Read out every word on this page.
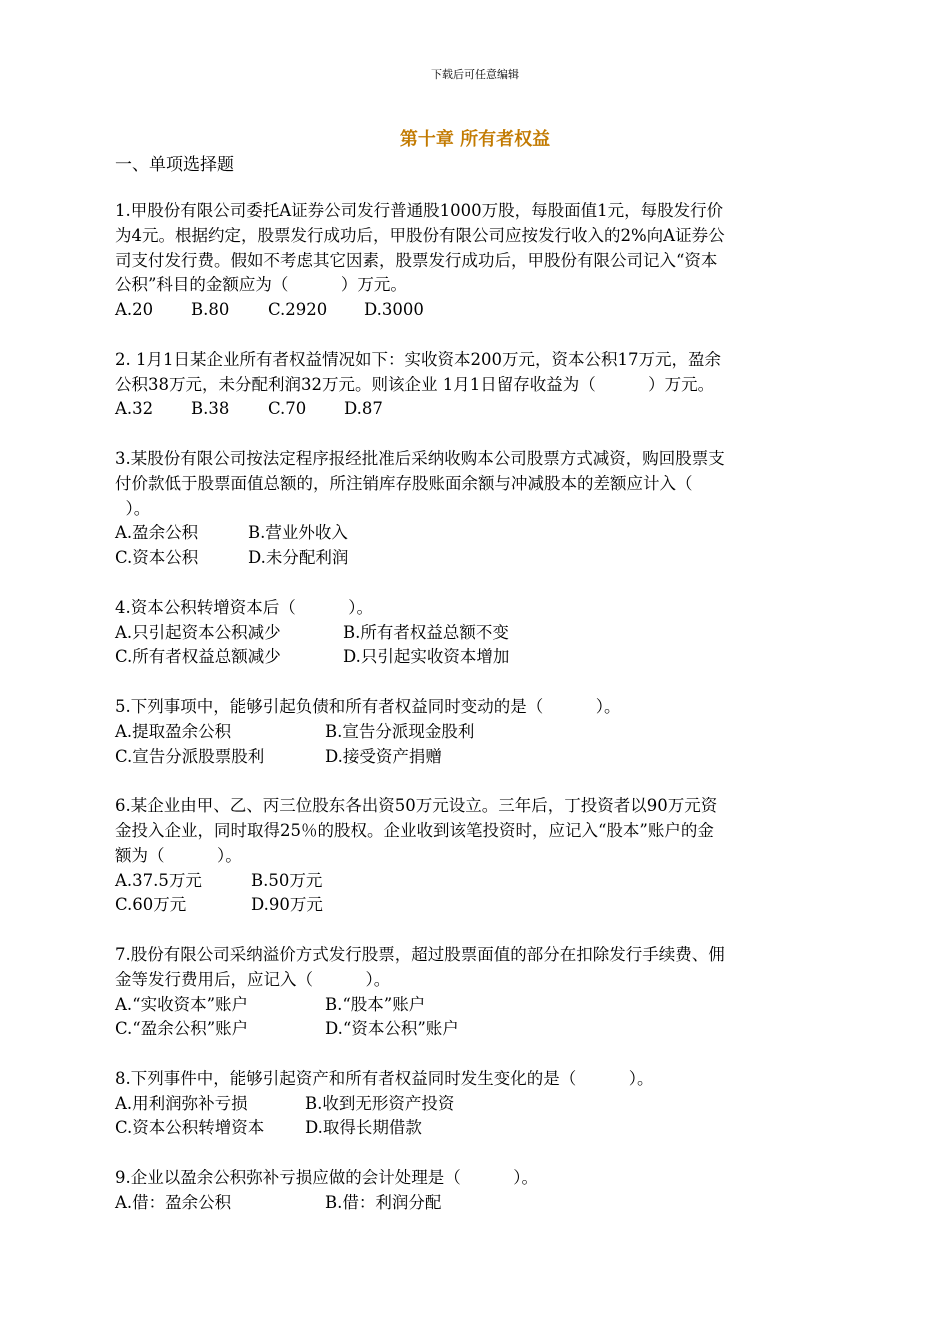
下载后可任意编辑
第十章 所有者权益
一、单项选择题
1.甲股份有限公司委托A证券公司发行普通股1000万股，每股面值1元，每股发行价
为4元。根据约定，股票发行成功后，甲股份有限公司应按发行收入的2%向A证券公
司支付发行费。假如不考虑其它因素，股票发行成功后，甲股份有限公司记入“资本
公积”科目的金额应为（          ）万元。
A.20 B.80 C.2920 D.3000
2. 1月1日某企业所有者权益情况如下：实收资本200万元，资本公积17万元，盈余
公积38万元，未分配利润32万元。则该企业 1月1日留存收益为（          ）万元。
A.32 B.38 C.70 D.87
3.某股份有限公司按法定程序报经批准后采纳收购本公司股票方式减资，购回股票支
付价款低于股票面值总额的，所注销库存股账面余额与冲减股本的差额应计入（
）。
A.盈余公积	B.营业外收入
C.资本公积	D.未分配利润
4.资本公积转增资本后（          ）。
A.只引起资本公积减少	B.所有者权益总额不变
C.所有者权益总额减少	D.只引起实收资本增加
5.下列事项中，能够引起负债和所有者权益同时变动的是（          ）。
A.提取盈余公积	B.宣告分派现金股利
C.宣告分派股票股利	D.接受资产捐赠
6.某企业由甲、乙、丙三位股东各出资50万元设立。三年后，丁投资者以90万元资
金投入企业，同时取得25％的股权。企业收到该笔投资时，应记入“股本”账户的金
额为（          ）。
A.37.5万元	B.50万元
C.60万元	D.90万元
7.股份有限公司采纳溢价方式发行股票，超过股票面值的部分在扣除发行手续费、佣
金等发行费用后，应记入（          ）。
A.“实收资本”账户	B.“股本”账户
C.“盈余公积”账户	D.“资本公积”账户
8.下列事件中，能够引起资产和所有者权益同时发生变化的是（          ）。
A.用利润弥补亏损	B.收到无形资产投资
C.资本公积转增资本 D.取得长期借款
9.企业以盈余公积弥补亏损应做的会计处理是（          ）。
A.借：盈余公积	B.借：利润分配
